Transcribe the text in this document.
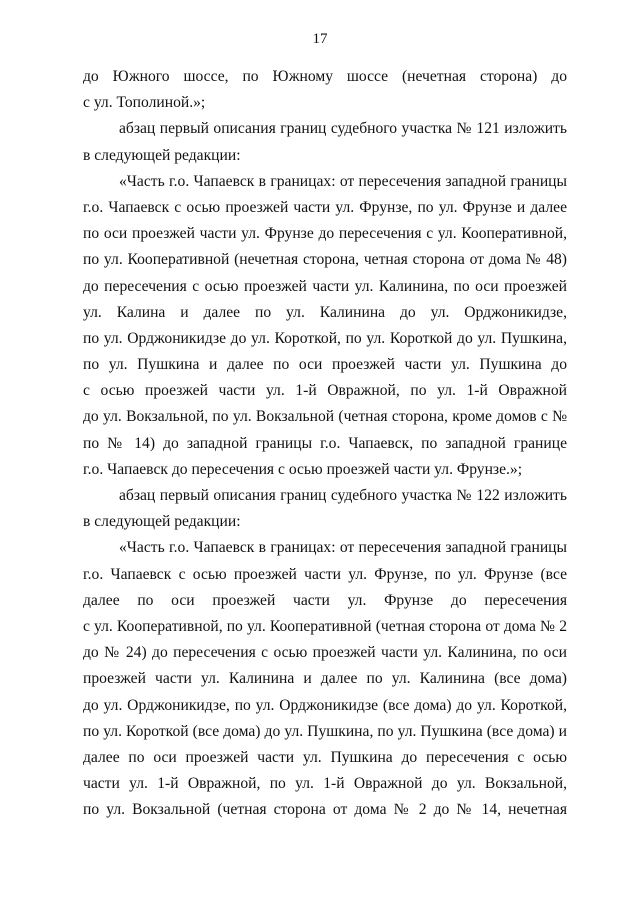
17
до Южного шоссе, по Южному шоссе (нечетная сторона) до
с ул. Тополиной.»;
абзац первый описания границ судебного участка № 121 изложить
в следующей редакции:
«Часть г.о. Чапаевск в границах: от пересечения западной границы
г.о. Чапаевск с осью проезжей части ул. Фрунзе, по ул. Фрунзе и далее
по оси проезжей части ул. Фрунзе до пересечения с ул. Кооперативной,
по ул. Кооперативной (нечетная сторона, четная сторона от дома № 48)
до пересечения с осью проезжей части ул. Калинина, по оси проезжей
ул. Калина и далее по ул. Калинина до ул. Орджоникидзе,
по ул. Орджоникидзе до ул. Короткой, по ул. Короткой до ул. Пушкина,
по ул. Пушкина и далее по оси проезжей части ул. Пушкина до
с осью проезжей части ул. 1-й Овражной, по ул. 1-й Овражной
до ул. Вокзальной, по ул. Вокзальной (четная сторона, кроме домов с №
по № 14) до западной границы г.о. Чапаевск, по западной границе
г.о. Чапаевск до пересечения с осью проезжей части ул. Фрунзе.»;
абзац первый описания границ судебного участка № 122 изложить
в следующей редакции:
«Часть г.о. Чапаевск в границах: от пересечения западной границы
г.о. Чапаевск с осью проезжей части ул. Фрунзе, по ул. Фрунзе (все
далее по оси проезжей части ул. Фрунзе до пересечения
с ул. Кооперативной, по ул. Кооперативной (четная сторона от дома № 2
до № 24) до пересечения с осью проезжей части ул. Калинина, по оси
проезжей части ул. Калинина и далее по ул. Калинина (все дома)
до ул. Орджоникидзе, по ул. Орджоникидзе (все дома) до ул. Короткой,
по ул. Короткой (все дома) до ул. Пушкина, по ул. Пушкина (все дома) и
далее по оси проезжей части ул. Пушкина до пересечения с осью
части ул. 1-й Овражной, по ул. 1-й Овражной до ул. Вокзальной,
по ул. Вокзальной (четная сторона от дома № 2 до № 14, нечетная
